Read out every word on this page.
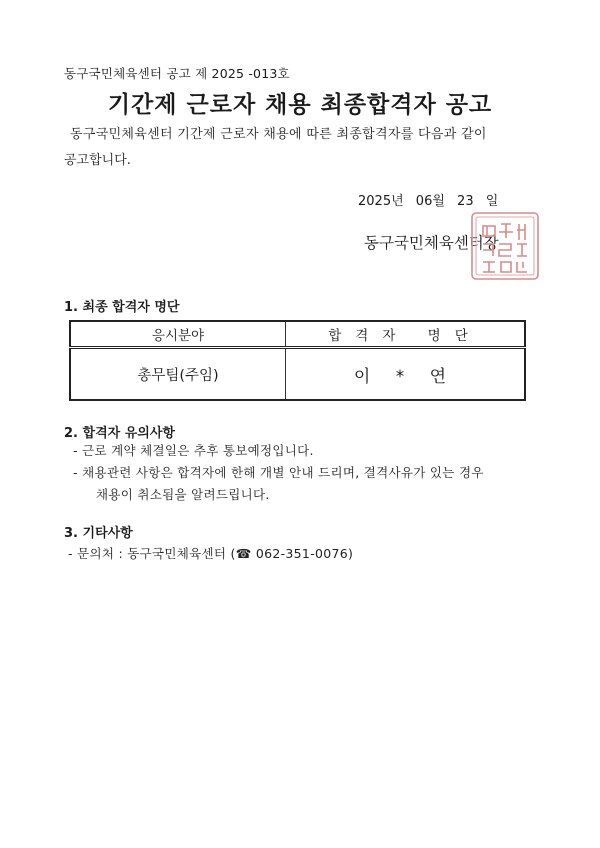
동구국민체육센터 공고 제 2025 -013호
기간제 근로자 채용 최종합격자 공고

동구국민체육센터 기간제 근로자 채용에 따른 최종합격자를 다음과 같이

공고합니다.

2025년 06월 23 일
동구국민체육센터장
1. 최종 합격자 명단
응시분야	합격자 명단
총무팀(주임)	이 * 연
2. 합격자 유의사항
- 근로 계약 체결일은 추후 통보예정입니다.
- 채용관련 사항은 합격자에 한해 개별 안내 드리며, 결격사유가 있는 경우
채용이 취소됨을 알려드립니다.
3. 기타사항
- 문의처 : 동구국민체육센터 (☎ 062-351-0076)
